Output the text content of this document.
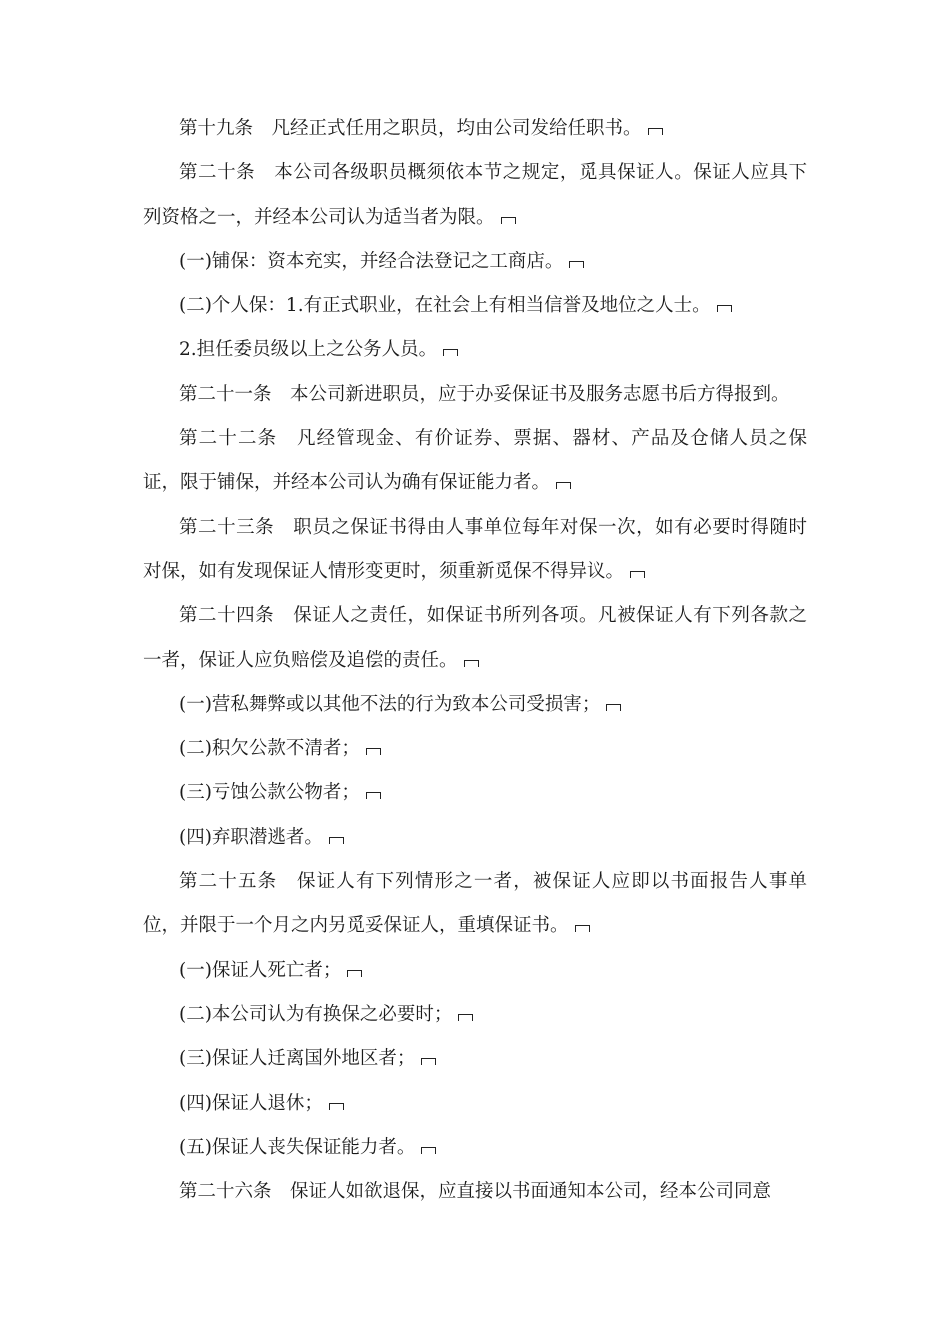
第十九条　凡经正式任用之职员，均由公司发给任职书。

第二十条　本公司各级职员概须依本节之规定，觅具保证人。保证人应具下列资格之一，并经本公司认为适当者为限。

(一)铺保：资本充实，并经合法登记之工商店。

(二)个人保：1.有正式职业，在社会上有相当信誉及地位之人士。

2.担任委员级以上之公务人员。

第二十一条　本公司新进职员，应于办妥保证书及服务志愿书后方得报到。

第二十二条　凡经管现金、有价证券、票据、器材、产品及仓储人员之保证，限于铺保，并经本公司认为确有保证能力者。

第二十三条　职员之保证书得由人事单位每年对保一次，如有必要时得随时对保，如有发现保证人情形变更时，须重新觅保不得异议。

第二十四条　保证人之责任，如保证书所列各项。凡被保证人有下列各款之一者，保证人应负赔偿及追偿的责任。

(一)营私舞弊或以其他不法的行为致本公司受损害；

(二)积欠公款不清者；

(三)亏蚀公款公物者；

(四)弃职潜逃者。

第二十五条　保证人有下列情形之一者，被保证人应即以书面报告人事单位，并限于一个月之内另觅妥保证人，重填保证书。

(一)保证人死亡者；

(二)本公司认为有换保之必要时；

(三)保证人迁离国外地区者；

(四)保证人退休；

(五)保证人丧失保证能力者。

第二十六条　保证人如欲退保，应直接以书面通知本公司，经本公司同意
